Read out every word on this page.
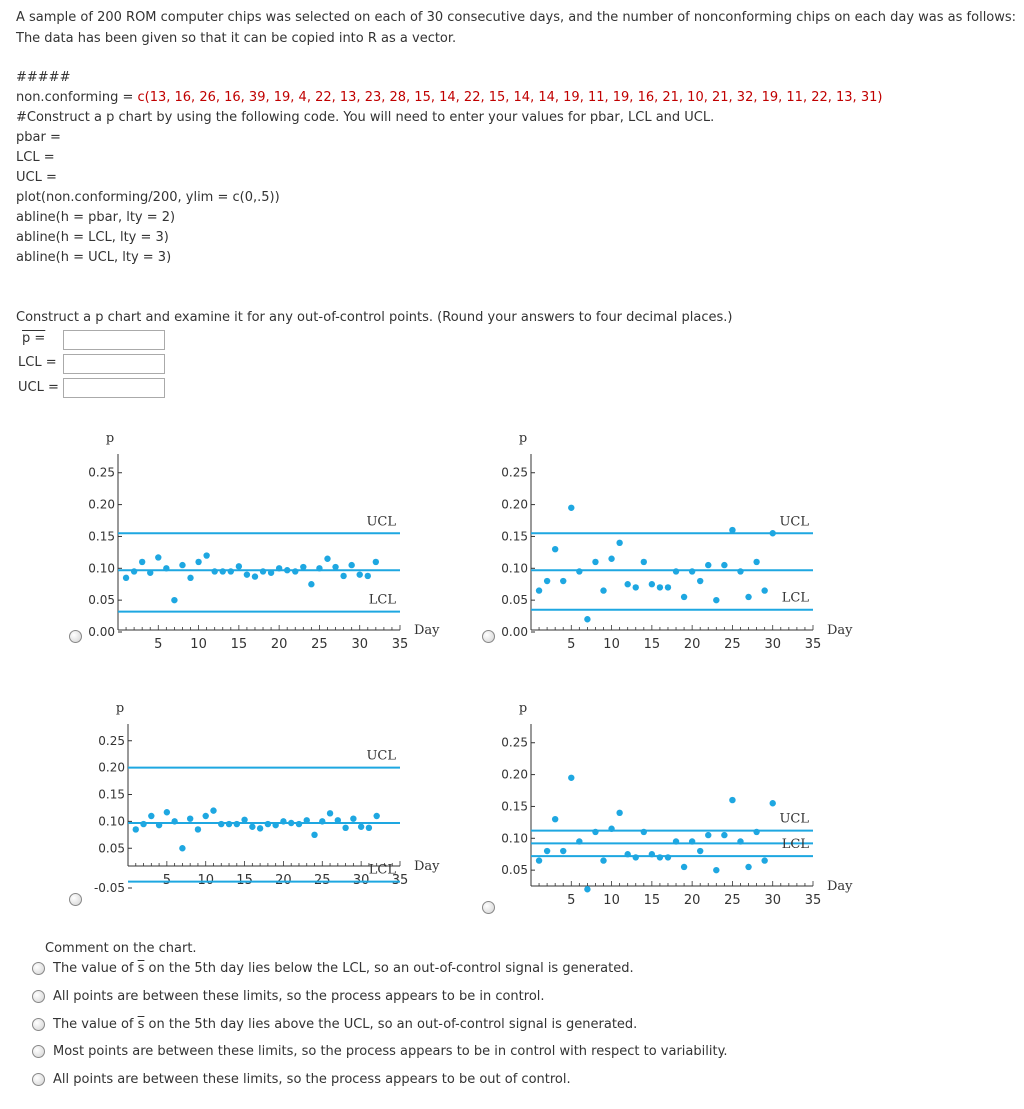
A sample of 200 ROM computer chips was selected on each of 30 consecutive days, and the number of nonconforming chips on each day was as follows:

The data has been given so that it can be copied into R as a vector.

#####

non.conforming = c(13, 16, 26, 16, 39, 19, 4, 22, 13, 23, 28, 15, 14, 22, 15, 14, 14, 19, 11, 19, 16, 21, 10, 21, 32, 19, 11, 22, 13, 31)

#Construct a p chart by using the following code. You will need to enter your values for pbar, LCL and UCL.

pbar =

LCL =

UCL =

plot(non.conforming/200, ylim = c(0,.5))

abline(h = pbar, lty = 2)

abline(h = LCL, lty = 3)

abline(h = UCL, lty = 3)

Construct a p chart and examine it for any out-of-control points. (Round your answers to four decimal places.)

p =
LCL =
UCL =
p
0.00
0.05
0.10
0.15
0.20
0.25
5 10 15 20 25 30 35
Day
UCL
LCL
p
0.00
0.05
0.10
0.15
0.20
0.25
5 10 15 20 25 30 35
Day
UCL
LCL
p
-0.05
0.05
0.10
0.15
0.20
0.25
5 10 15 20 25 30 35
Day
UCL
LCL
p
0.05
0.10
0.15
0.20
0.25
5 10 15 20 25 30 35
Day
UCL
LCL

Comment on the chart.

The value of $\overline{s}$ on the 5th day lies below the LCL, so an out-of-control signal is generated.
All points are between these limits, so the process appears to be in control.
The value of $\overline{s}$ on the 5th day lies above the UCL, so an out-of-control signal is generated.
Most points are between these limits, so the process appears to be in control with respect to variability.
All points are between these limits, so the process appears to be out of control.
